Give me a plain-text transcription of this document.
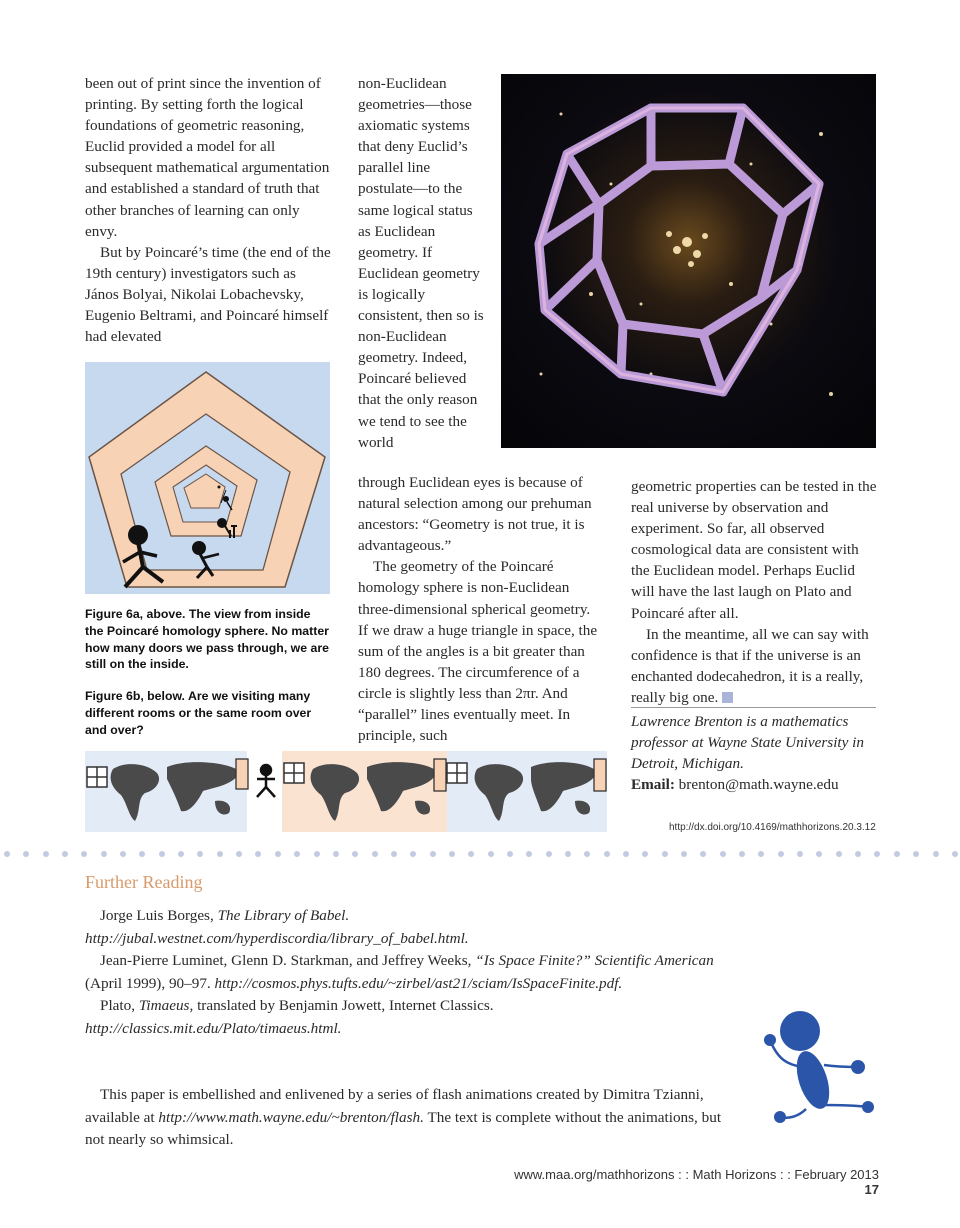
been out of print since the invention of printing. By setting forth the logical foundations of geometric reasoning, Euclid provided a model for all subsequent mathematical argumentation and established a standard of truth that other branches of learning can only envy.

But by Poincaré’s time (the end of the 19th century) investigators such as János Bolyai, Nikolai Lobachevsky, Eugenio Beltrami, and Poincaré himself had elevated

Figure 6a, above. The view from inside the Poincaré homology sphere. No matter how many doors we pass through, we are still on the inside.
Figure 6b, below. Are we visiting many different rooms or the same room over and over?

non-Euclidean geometries—those axiomatic systems that deny Euclid’s parallel line postulate—to the same logical status as Euclidean geometry. If Euclidean geometry is logically consistent, then so is non-Euclidean geometry. Indeed, Poincaré believed that the only reason we tend to see the world

through Euclidean eyes is because of natural selection among our prehuman ancestors: “Geometry is not true, it is advantageous.”

The geometry of the Poincaré homology sphere is non-Euclidean three-dimensional spherical geometry. If we draw a huge triangle in space, the sum of the angles is a bit greater than 180 degrees. The circumference of a circle is slightly less than 2πr. And “parallel” lines eventually meet. In principle, such

geometric properties can be tested in the real universe by observation and experiment. So far, all observed cosmological data are consistent with the Euclidean model. Perhaps Euclid will have the last laugh on Plato and Poincaré after all.

In the meantime, all we can say with confidence is that if the universe is an enchanted dodecahedron, it is a really, really big one.

Lawrence Brenton is a mathematics professor at Wayne State University in Detroit, Michigan.
Email: brenton@math.wayne.edu
http://dx.doi.org/10.4169/mathhorizons.20.3.12
Further Reading

Jorge Luis Borges, The Library of Babel. http://jubal.westnet.com/hyperdiscordia/library_of_babel.html.

Jean-Pierre Luminet, Glenn D. Starkman, and Jeffrey Weeks, “Is Space Finite?” Scientific American (April 1999), 90–97. http://cosmos.phys.tufts.edu/~zirbel/ast21/sciam/IsSpaceFinite.pdf.

Plato, Timaeus, translated by Benjamin Jowett, Internet Classics. http://classics.mit.edu/Plato/timaeus.html.

This paper is embellished and enlivened by a series of flash animations created by Dimitra Tzianni, available at http://www.math.wayne.edu/~brenton/flash. The text is complete without the animations, but not nearly so whimsical.

www.maa.org/mathhorizons : : Math Horizons : : February 2013 17
